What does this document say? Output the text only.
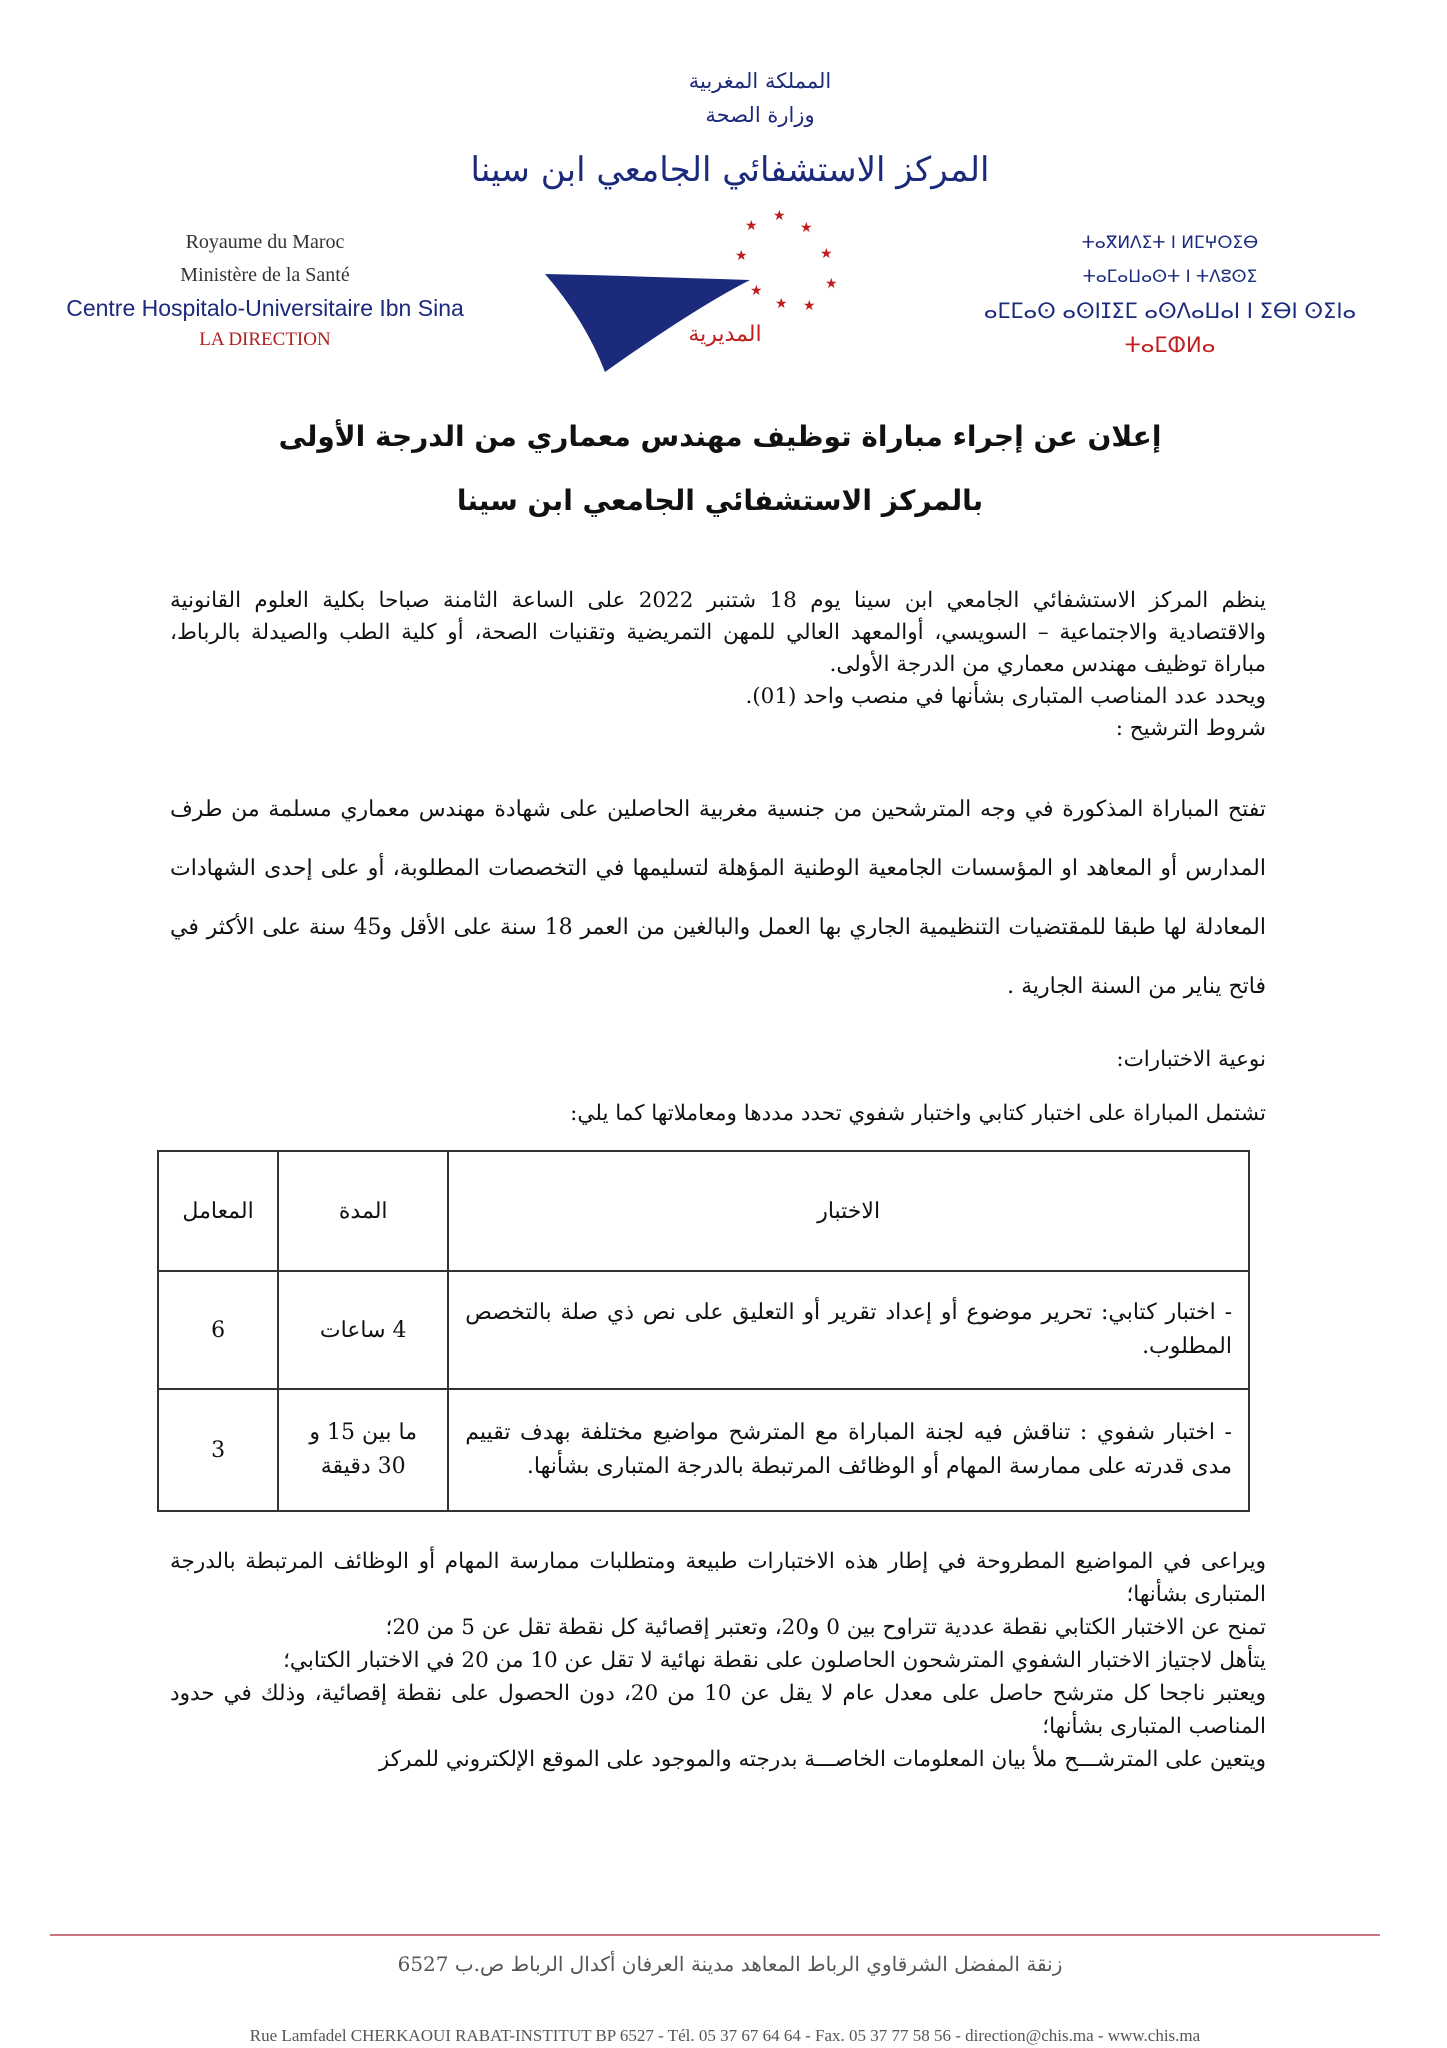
المملكة المغربية
وزارة الصحة
المركز الاستشفائي الجامعي ابن سينا
Royaume du Maroc
Ministère de la Santé
Centre Hospitalo-Universitaire Ibn Sina
LA DIRECTION
ⵜⴰⴳⵍⴷⵉⵜ ⵏ ⵍⵎⵖⵔⵉⴱ
ⵜⴰⵎⴰⵡⴰⵙⵜ ⵏ ⵜⴷⵓⵙⵉ
ⴰⵎⵎⴰⵙ ⴰⵙⵏⵊⵉⵎ ⴰⵙⴷⴰⵡⴰⵏ ⵏ ⵉⴱⵏ ⵙⵉⵏⴰ
ⵜⴰⵎⵀⵍⴰ
★
★
★
★
★
★
★
★
★
المديرية
إعلان عن إجراء مباراة توظيف مهندس معماري من الدرجة الأولى
بالمركز الاستشفائي الجامعي ابن سينا

ينظم المركز الاستشفائي الجامعي ابن سينا يوم 18 شتنبر 2022 على الساعة الثامنة صباحا بكلية العلوم القانونية والاقتصادية والاجتماعية – السويسي، أوالمعهد العالي للمهن التمريضية وتقنيات الصحة، أو كلية الطب والصيدلة بالرباط، مباراة توظيف مهندس معماري من الدرجة الأولى.

ويحدد عدد المناصب المتبارى بشأنها في منصب واحد (01).

شروط الترشيح :

تفتح المباراة المذكورة في وجه المترشحين من جنسية مغربية الحاصلين على شهادة مهندس معماري مسلمة من طرف المدارس أو المعاهد او المؤسسات الجامعية الوطنية المؤهلة لتسليمها في التخصصات المطلوبة، أو على إحدى الشهادات المعادلة لها طبقا للمقتضيات التنظيمية الجاري بها العمل والبالغين من العمر 18 سنة على الأقل و45 سنة على الأكثر في فاتح يناير من السنة الجارية .
نوعية الاختبارات:
تشتمل المباراة على اختبار كتابي واختبار شفوي تحدد مددها ومعاملاتها كما يلي:
الاختبار	المدة	المعامل
- اختبار كتابي: تحرير موضوع أو إعداد تقرير أو التعليق على نص ذي صلة بالتخصص المطلوب.	4 ساعات	6
- اختبار شفوي : تناقش فيه لجنة المباراة مع المترشح مواضيع مختلفة بهدف تقييم مدى قدرته على ممارسة المهام أو الوظائف المرتبطة بالدرجة المتبارى بشأنها.	ما بين 15 و 30 دقيقة	3

ويراعى في المواضيع المطروحة في إطار هذه الاختبارات طبيعة ومتطلبات ممارسة المهام أو الوظائف المرتبطة بالدرجة المتبارى بشأنها؛

تمنح عن الاختبار الكتابي نقطة عددية تتراوح بين 0 و20، وتعتبر إقصائية كل نقطة تقل عن 5 من 20؛

يتأهل لاجتياز الاختبار الشفوي المترشحون الحاصلون على نقطة نهائية لا تقل عن 10 من 20 في الاختبار الكتابي؛

ويعتبر ناجحا كل مترشح حاصل على معدل عام لا يقل عن 10 من 20، دون الحصول على نقطة إقصائية، وذلك في حدود المناصب المتبارى بشأنها؛

ويتعين على المترشـــح ملأ بيان المعلومات الخاصـــة بدرجته والموجود على الموقع الإلكتروني للمركز

زنقة المفضل الشرقاوي الرباط المعاهد مدينة العرفان أكدال الرباط ص.ب 6527
Rue Lamfadel CHERKAOUI RABAT-INSTITUT BP 6527 - Tél. 05 37 67 64 64 - Fax. 05 37 77 58 56 - direction@chis.ma - www.chis.ma
